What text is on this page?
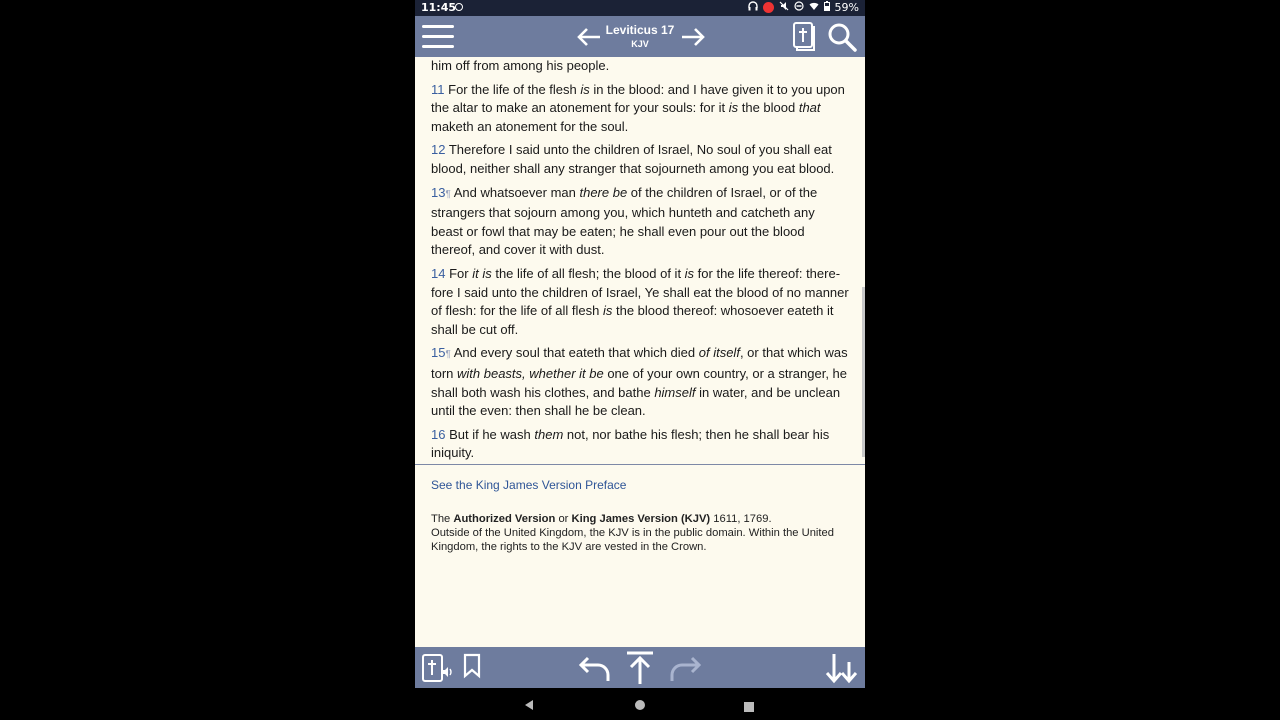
11:45	59%
Leviticus 17
KJV
him off from among his people.
11 For the life of the flesh is in the blood: and I have given it to you upon the altar to make an atonement for your souls: for it is the blood that maketh an atonement for the soul.
12 Therefore I said unto the children of Israel, No soul of you shall eat blood, neither shall any stranger that sojourneth among you eat blood.
13¶ And whatsoever man there be of the children of Israel, or of the strangers that sojourn among you, which hunteth and catcheth any beast or fowl that may be eaten; he shall even pour out the blood thereof, and cover it with dust.
14 For it is the life of all flesh; the blood of it is for the life thereof: therefore I said unto the children of Israel, Ye shall eat the blood of no manner of flesh: for the life of all flesh is the blood thereof: whosoever eateth it shall be cut off.
15¶ And every soul that eateth that which died of itself, or that which was torn with beasts, whether it be one of your own country, or a stranger, he shall both wash his clothes, and bathe himself in water, and be unclean until the even: then shall he be clean.
16 But if he wash them not, nor bathe his flesh; then he shall bear his iniquity.
See the King James Version Preface
The Authorized Version or King James Version (KJV) 1611, 1769.
Outside of the United Kingdom, the KJV is in the public domain. Within the United Kingdom, the rights to the KJV are vested in the Crown.
